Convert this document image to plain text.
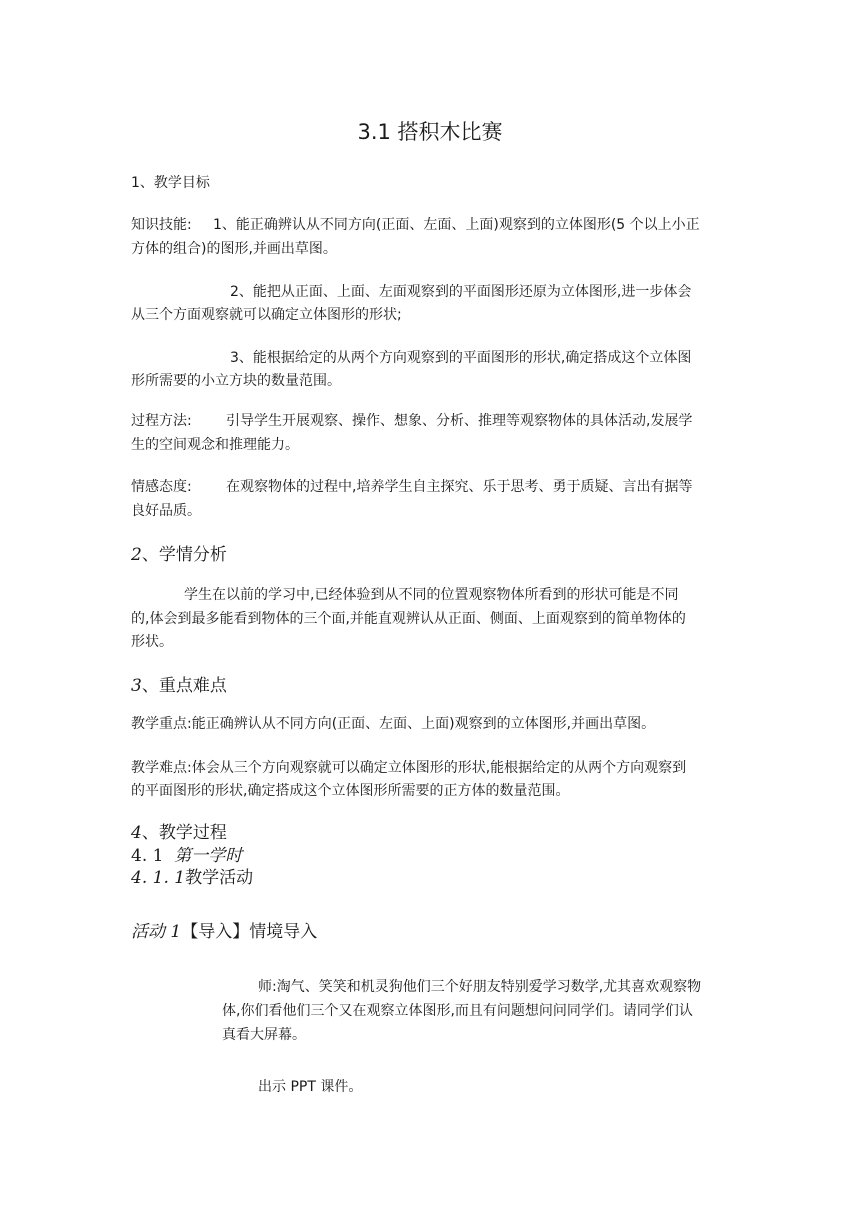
3.1 搭积木比赛
1、教学目标
知识技能: 1、能正确辨认从不同方向(正面、左面、上面)观察到的立体图形(5 个以上小正
方体的组合)的图形,并画出草图。
2、能把从正面、上面、左面观察到的平面图形还原为立体图形,进一步体会
从三个方面观察就可以确定立体图形的形状;
3、能根据给定的从两个方向观察到的平面图形的形状,确定搭成这个立体图
形所需要的小立方块的数量范围。
过程方法: 引导学生开展观察、操作、想象、分析、推理等观察物体的具体活动,发展学
生的空间观念和推理能力。
情感态度: 在观察物体的过程中,培养学生自主探究、乐于思考、勇于质疑、言出有据等
良好品质。
2、学情分析
学生在以前的学习中,已经体验到从不同的位置观察物体所看到的形状可能是不同
的,体会到最多能看到物体的三个面,并能直观辨认从正面、侧面、上面观察到的简单物体的
形状。
3、重点难点
教学重点:能正确辨认从不同方向(正面、左面、上面)观察到的立体图形,并画出草图。
教学难点:体会从三个方向观察就可以确定立体图形的形状,能根据给定的从两个方向观察到
的平面图形的形状,确定搭成这个立体图形所需要的正方体的数量范围。
4、教学过程
4. 1 第一学时
4. 1. 1教学活动
活动 1【导入】情境导入
师:淘气、笑笑和机灵狗他们三个好朋友特别爱学习数学,尤其喜欢观察物
体,你们看他们三个又在观察立体图形,而且有问题想问问同学们。请同学们认
真看大屏幕。
出示 PPT 课件。
